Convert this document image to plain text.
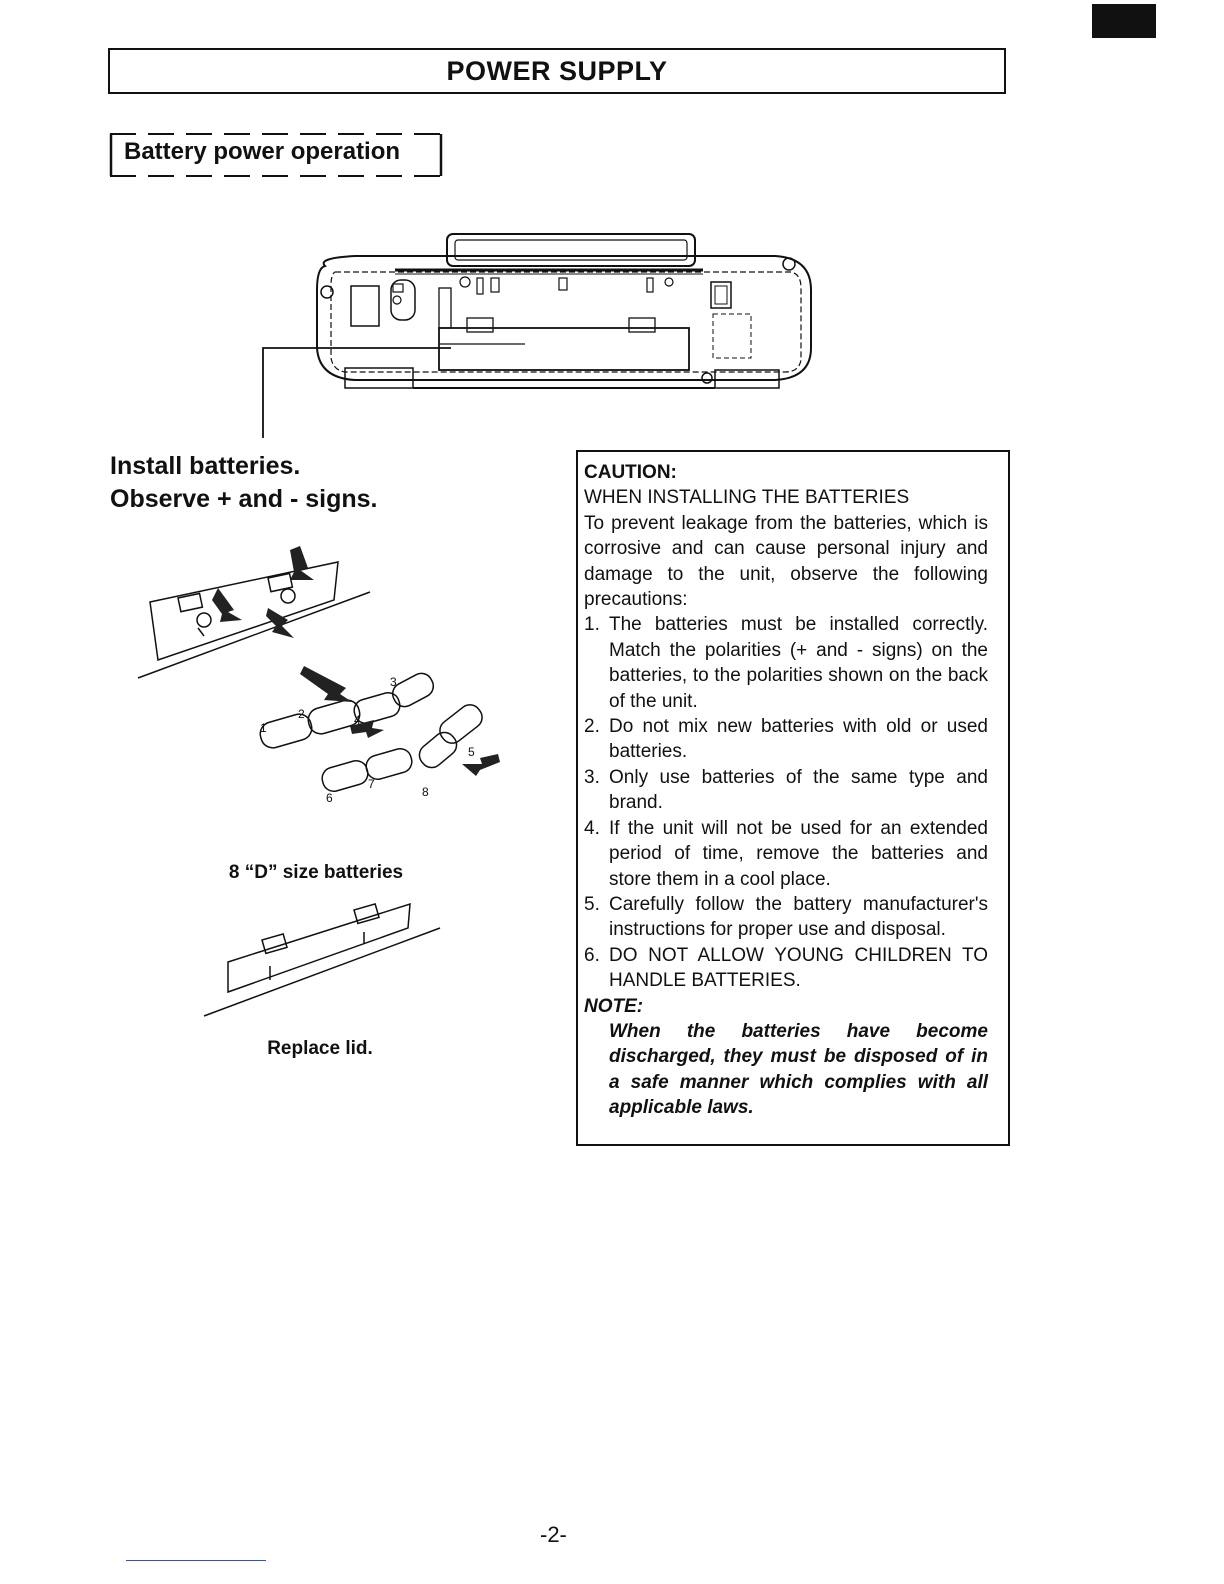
POWER SUPPLY
Battery power operation
Install batteries.
Observe + and - signs.
1
2
3
4
5
6
7
8
8 “D” size batteries
Replace lid.

CAUTION:

WHEN INSTALLING THE BATTERIES

To prevent leakage from the batteries, which is corrosive and can cause personal injury and damage to the unit, observe the following precautions:

1. The batteries must be installed correctly. Match the polarities (+ and - signs) on the batteries, to the polarities shown on the back of the unit.
2. Do not mix new batteries with old or used batteries.
3. Only use batteries of the same type and brand.
4. If the unit will not be used for an extended period of time, remove the batteries and store them in a cool place.
5. Carefully follow the battery manufacturer's instructions for proper use and disposal.
6. DO NOT ALLOW YOUNG CHILDREN TO HANDLE BATTERIES.

NOTE:

When the batteries have become discharged, they must be disposed of in a safe manner which complies with all applicable laws.

-2-
